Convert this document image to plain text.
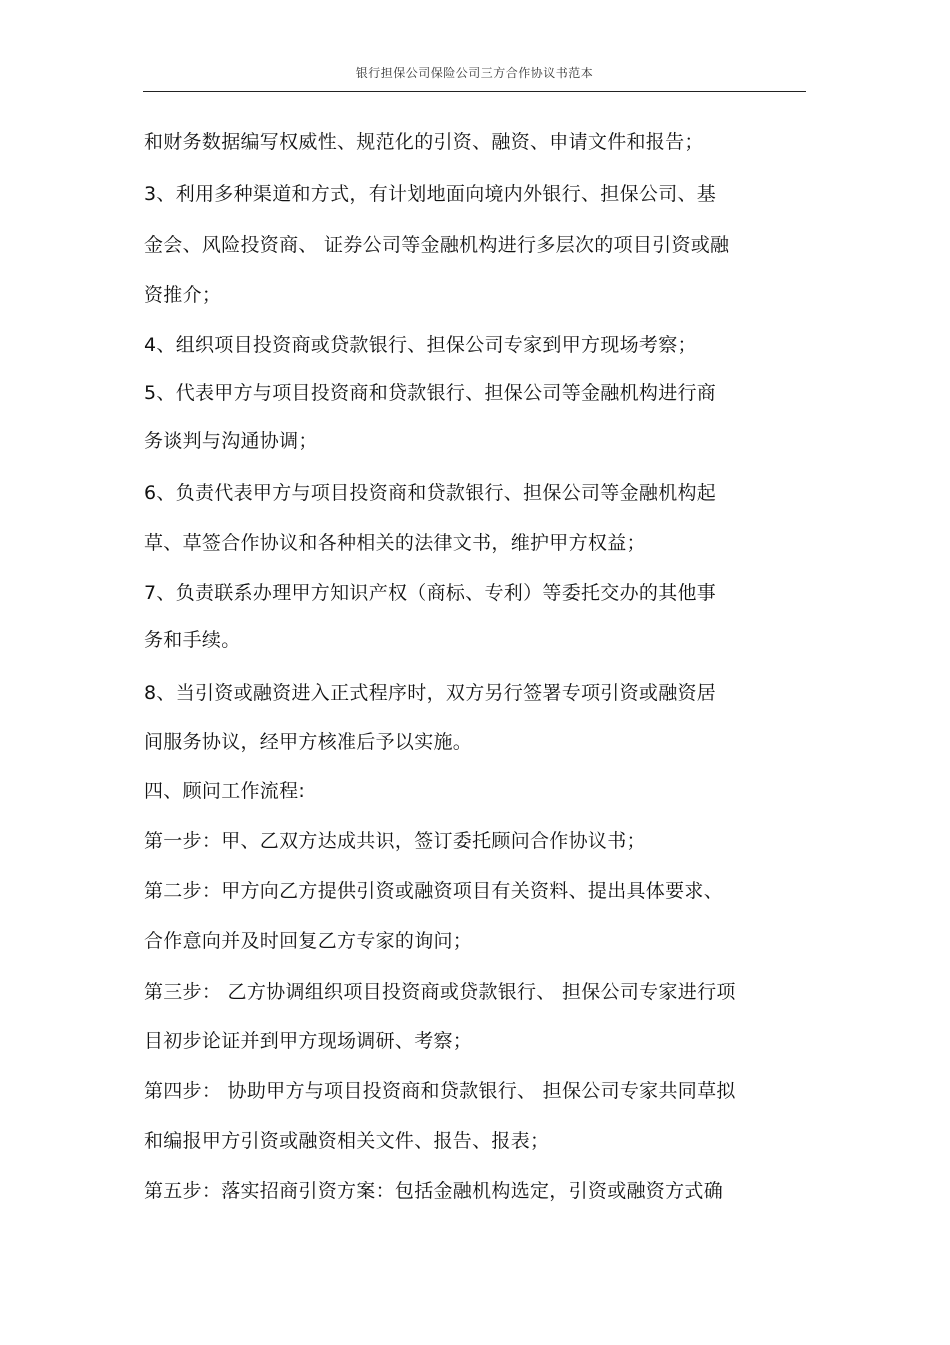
银行担保公司保险公司三方合作协议书范本
和财务数据编写权威性、规范化的引资、融资、申请文件和报告；
3、利用多种渠道和方式，有计划地面向境内外银行、担保公司、基
金会、风险投资商、 证券公司等金融机构进行多层次的项目引资或融
资推介；
4、组织项目投资商或贷款银行、担保公司专家到甲方现场考察；
5、代表甲方与项目投资商和贷款银行、担保公司等金融机构进行商
务谈判与沟通协调；
6、负责代表甲方与项目投资商和贷款银行、担保公司等金融机构起
草、草签合作协议和各种相关的法律文书，维护甲方权益；
7、负责联系办理甲方知识产权（商标、专利）等委托交办的其他事
务和手续。
8、当引资或融资进入正式程序时，双方另行签署专项引资或融资居
间服务协议，经甲方核准后予以实施。
四、顾问工作流程:
第一步：甲、乙双方达成共识，签订委托顾问合作协议书；
第二步：甲方向乙方提供引资或融资项目有关资料、提出具体要求、
合作意向并及时回复乙方专家的询问；
第三步： 乙方协调组织项目投资商或贷款银行、 担保公司专家进行项
目初步论证并到甲方现场调研、考察；
第四步： 协助甲方与项目投资商和贷款银行、 担保公司专家共同草拟
和编报甲方引资或融资相关文件、报告、报表；
第五步：落实招商引资方案：包括金融机构选定，引资或融资方式确
